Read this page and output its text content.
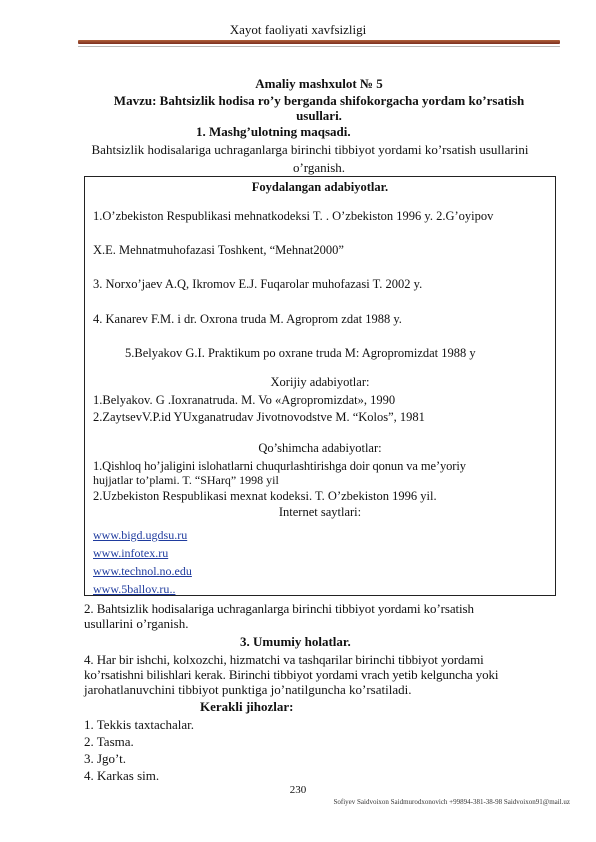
Xayot faoliyati xavfsizligi
Amaliy mashxulot № 5
Mavzu: Bahtsizlik hodisa ro’y berganda shifokorgacha yordam ko’rsatish
usullari.
1. Mashg’ulotning maqsadi.
Bahtsizlik hodisalariga uchraganlarga birinchi tibbiyot yordami ko’rsatish usullarini
o’rganish.
Foydalangan adabiyotlar.
1.O’zbekiston Respublikasi mehnatkodeksi T. . O’zbekiston 1996 y. 2.G’oyipov
X.E. Mehnatmuhofazasi Toshkent, “Mehnat2000”
3. Norxo’jaev A.Q, Ikromov E.J. Fuqarolar muhofazasi T. 2002 y.
4. Kanarev F.M. i dr. Oxrona truda M. Agroprom zdat 1988 y.
5.Belyakov G.I. Praktikum po oxrane truda M: Agropromizdat 1988 y
Xorijiy adabiyotlar:
1.Belyakov. G .Ioxranatruda. M. Vo «Agropromizdat», 1990
2.ZaytsevV.P.id YUxganatrudav Jivotnovodstve M. “Kolos”, 1981
Qo’shimcha adabiyotlar:
1.Qishloq ho’jaligini islohatlarni chuqurlashtirishga doir qonun va me’yoriy
hujjatlar to’plami. T. “SHarq” 1998 yil
2.Uzbekiston Respublikasi mexnat kodeksi. T. O’zbekiston 1996 yil.
Internet saytlari:
www.bigd.ugdsu.ru
www.infotex.ru
www.technol.no.edu
www.5ballov.ru..
2. Bahtsizlik hodisalariga uchraganlarga birinchi tibbiyot yordami ko’rsatish
usullarini o’rganish.
3. Umumiy holatlar.
4. Har bir ishchi, kolxozchi, hizmatchi va tashqarilar birinchi tibbiyot yordami
ko’rsatishni bilishlari kerak. Birinchi tibbiyot yordami vrach yetib kelguncha yoki
jarohatlanuvchini tibbiyot punktiga jo’natilguncha ko’rsatiladi.
Kerakli jihozlar:
1. Tekkis taxtachalar.
2. Tasma.
3. Jgo’t.
4. Karkas sim.
230
Sofiyev Saidvoixon Saidmurodxonovich +99894-381-38-98 Saidvoixon91@mail.uz
